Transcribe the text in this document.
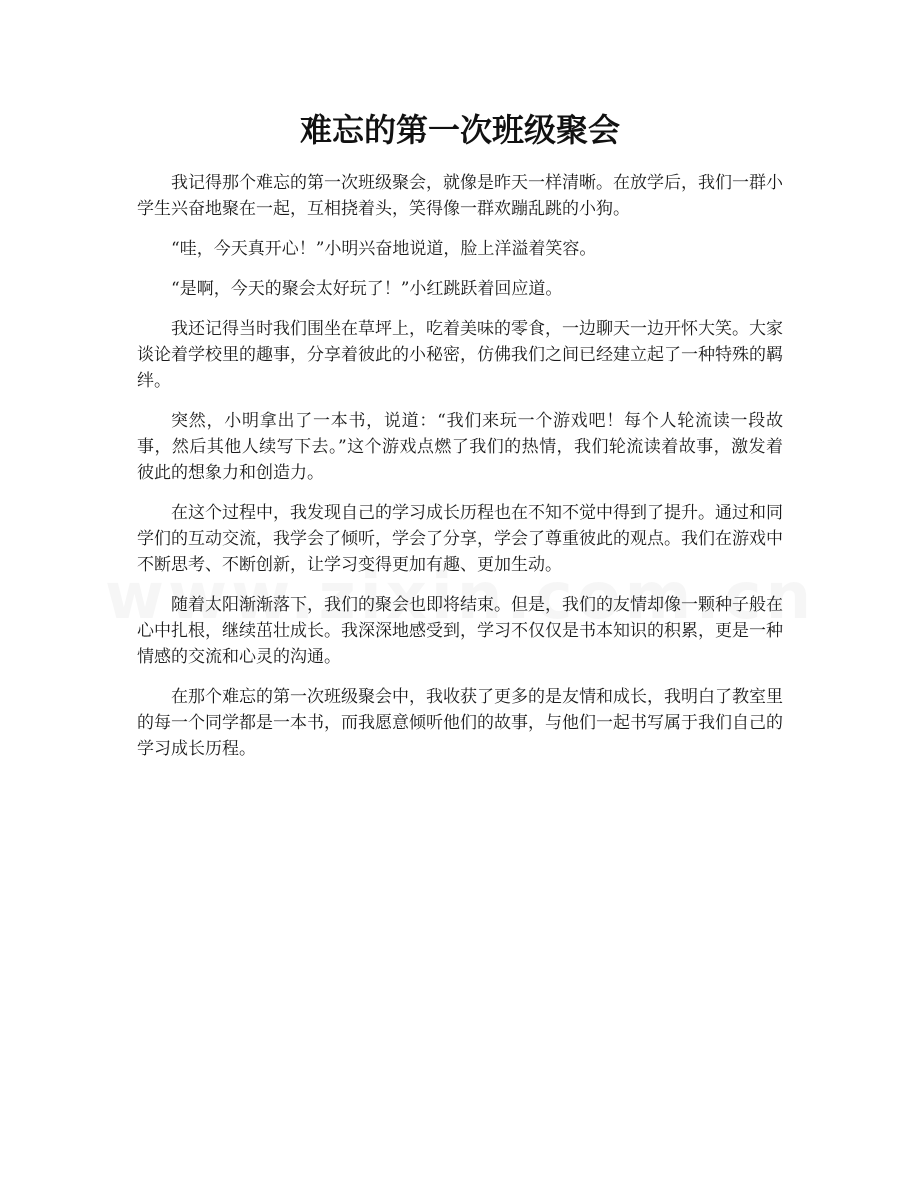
难忘的第一次班级聚会

我记得那个难忘的第一次班级聚会，就像是昨天一样清晰。在放学后，我们一群小学生兴奋地聚在一起，互相挠着头，笑得像一群欢蹦乱跳的小狗。

“哇，今天真开心！”小明兴奋地说道，脸上洋溢着笑容。

“是啊，今天的聚会太好玩了！”小红跳跃着回应道。

我还记得当时我们围坐在草坪上，吃着美味的零食，一边聊天一边开怀大笑。大家谈论着学校里的趣事，分享着彼此的小秘密，仿佛我们之间已经建立起了一种特殊的羁绊。

突然，小明拿出了一本书，说道：“我们来玩一个游戏吧！每个人轮流读一段故事，然后其他人续写下去。”这个游戏点燃了我们的热情，我们轮流读着故事，激发着彼此的想象力和创造力。

在这个过程中，我发现自己的学习成长历程也在不知不觉中得到了提升。通过和同学们的互动交流，我学会了倾听，学会了分享，学会了尊重彼此的观点。我们在游戏中不断思考、不断创新，让学习变得更加有趣、更加生动。

随着太阳渐渐落下，我们的聚会也即将结束。但是，我们的友情却像一颗种子般在心中扎根，继续茁壮成长。我深深地感受到，学习不仅仅是书本知识的积累，更是一种情感的交流和心灵的沟通。

在那个难忘的第一次班级聚会中，我收获了更多的是友情和成长，我明白了教室里的每一个同学都是一本书，而我愿意倾听他们的故事，与他们一起书写属于我们自己的学习成长历程。
